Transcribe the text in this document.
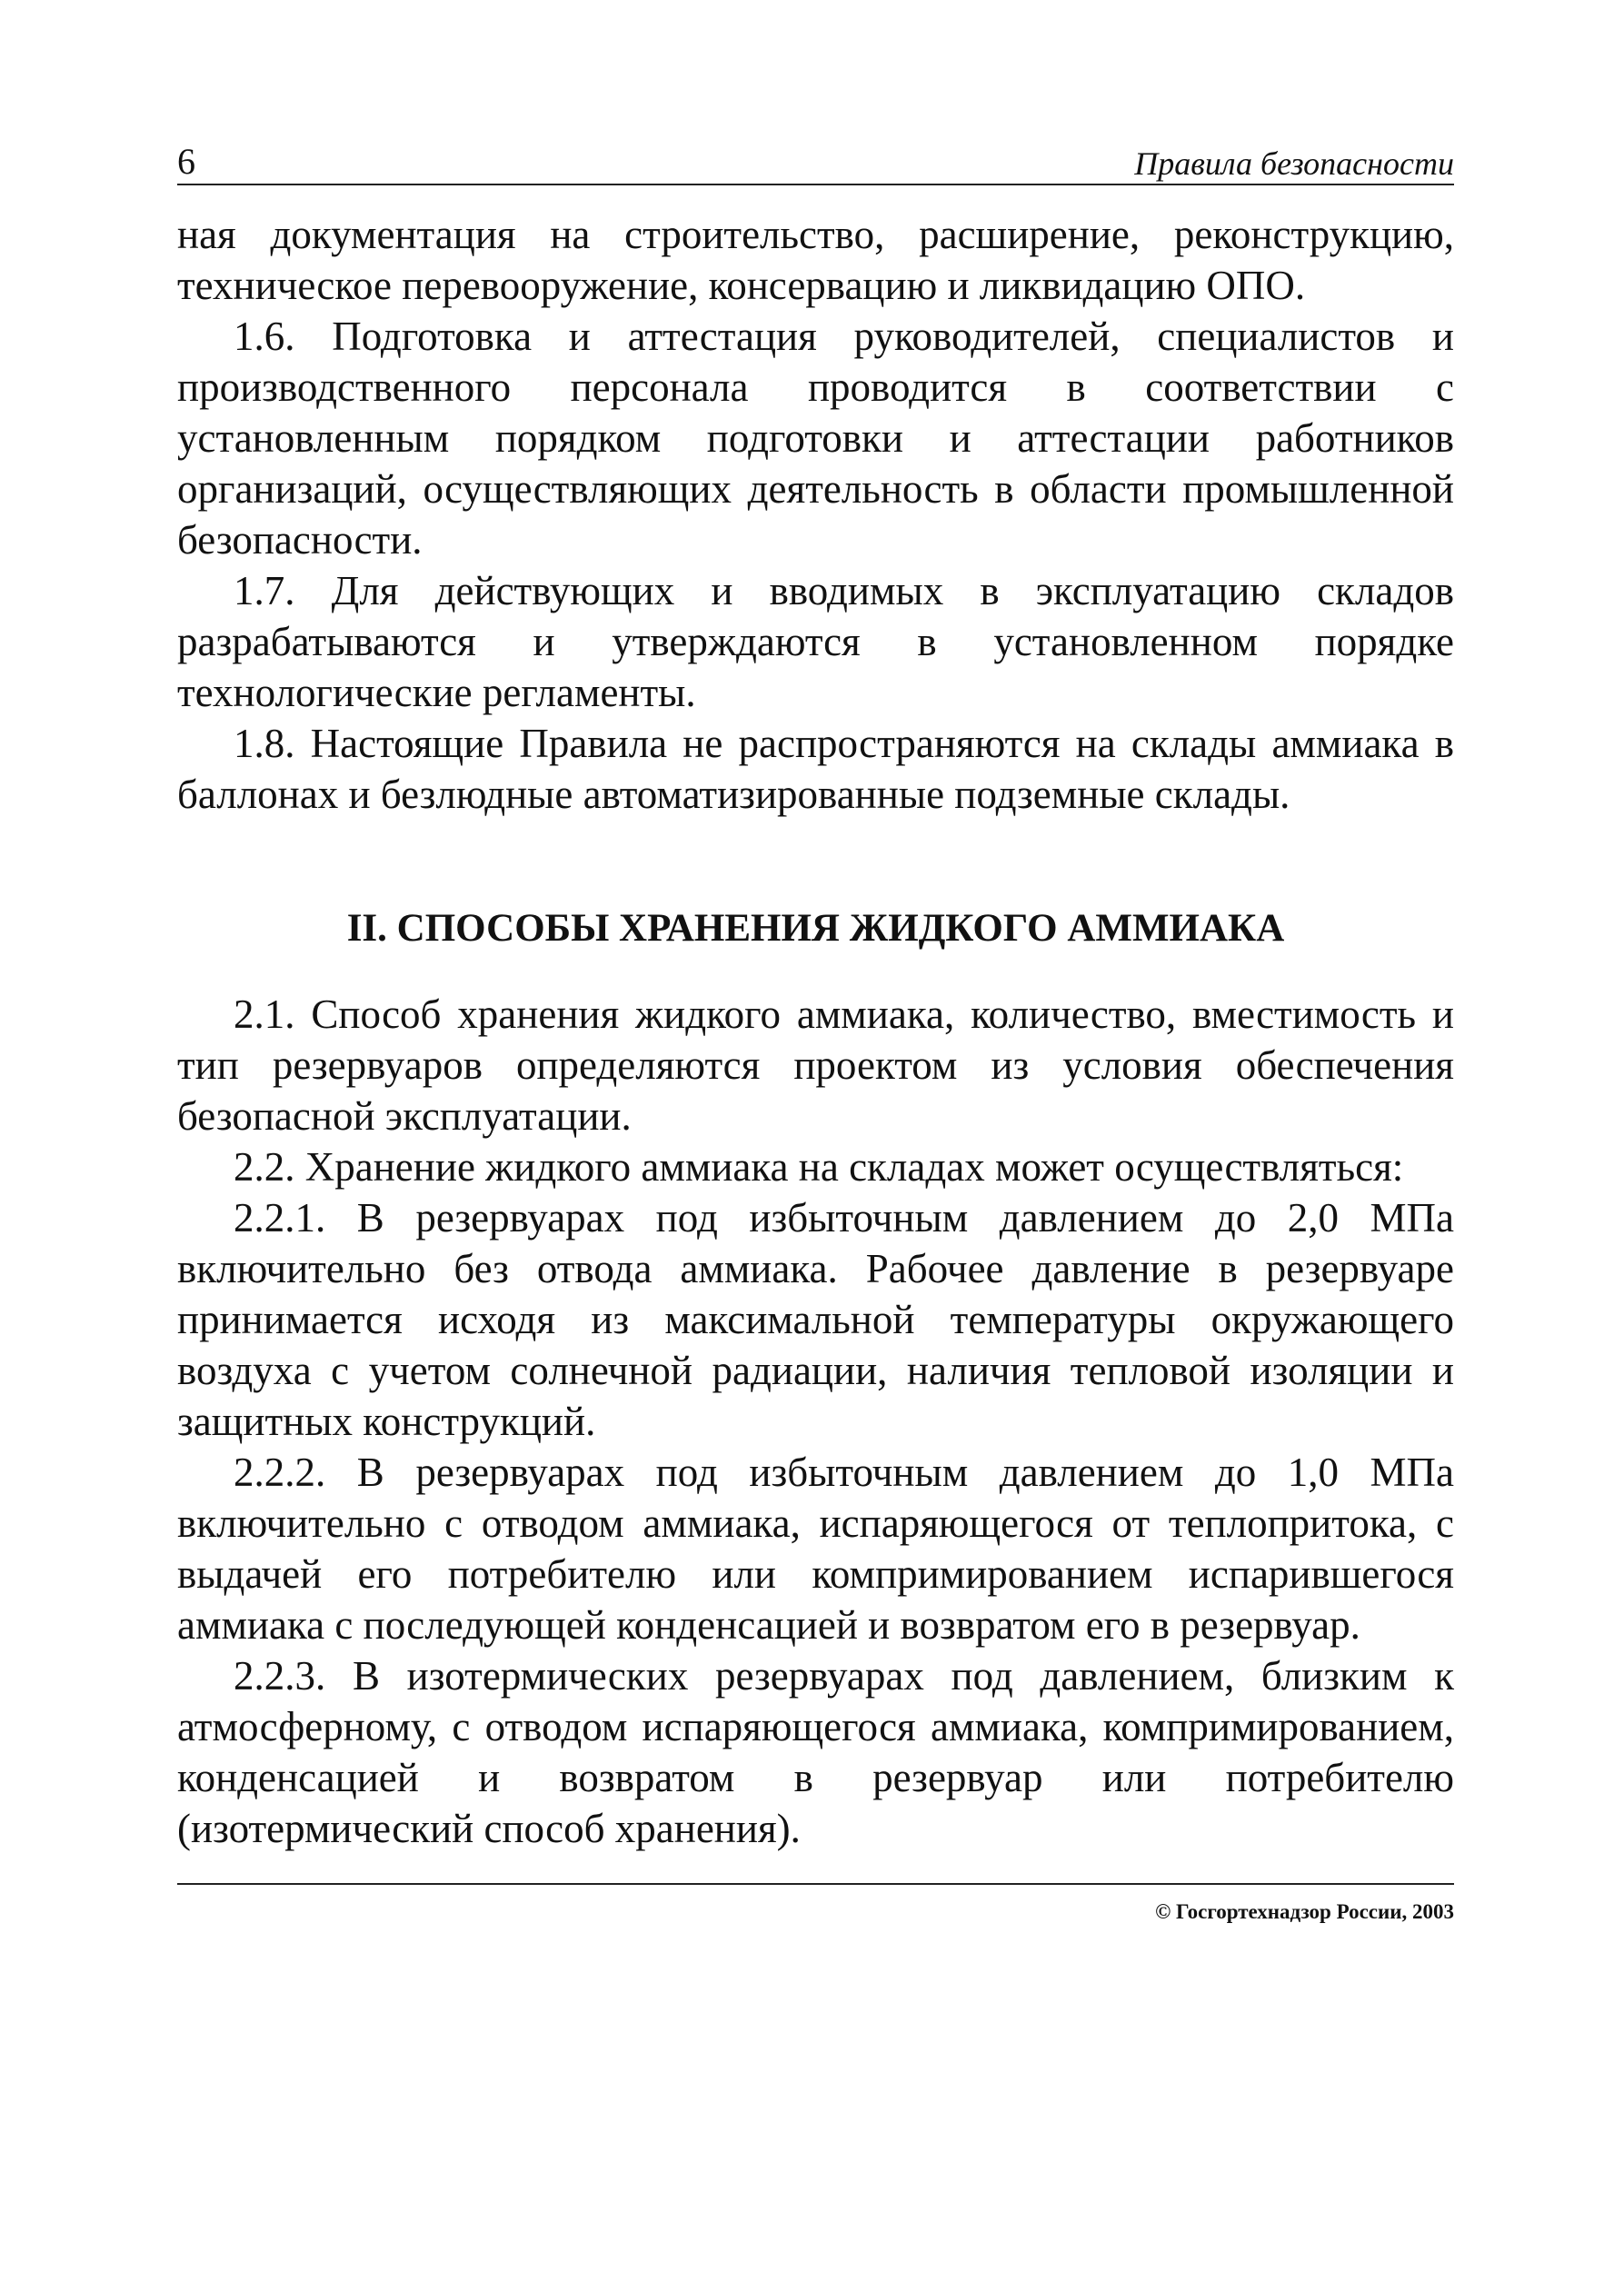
6	Правила безопасности

ная документация на строительство, расширение, реконструкцию, техническое перевооружение, консервацию и ликвидацию ОПО.

1.6. Подготовка и аттестация руководителей, специалистов и производственного персонала проводится в соответствии с установленным порядком подготовки и аттестации работников организаций, осуществляющих деятельность в области промышленной безопасности.

1.7. Для действующих и вводимых в эксплуатацию складов разрабатываются и утверждаются в установленном порядке технологические регламенты.

1.8. Настоящие Правила не распространяются на склады аммиака в баллонах и безлюдные автоматизированные подземные склады.

II. СПОСОБЫ ХРАНЕНИЯ ЖИДКОГО АММИАКА

2.1. Способ хранения жидкого аммиака, количество, вместимость и тип резервуаров определяются проектом из условия обеспечения безопасной эксплуатации.

2.2. Хранение жидкого аммиака на складах может осуществляться:

2.2.1. В резервуарах под избыточным давлением до 2,0 МПа включительно без отвода аммиака. Рабочее давление в резервуаре принимается исходя из максимальной температуры окружающего воздуха с учетом солнечной радиации, наличия тепловой изоляции и защитных конструкций.

2.2.2. В резервуарах под избыточным давлением до 1,0 МПа включительно с отводом аммиака, испаряющегося от теплопритока, с выдачей его потребителю или компримированием испарившегося аммиака с последующей конденсацией и возвратом его в резервуар.

2.2.3. В изотермических резервуарах под давлением, близким к атмосферному, с отводом испаряющегося аммиака, компримированием, конденсацией и возвратом в резервуар или потребителю (изотермический способ хранения).

© Госгортехнадзор России, 2003
